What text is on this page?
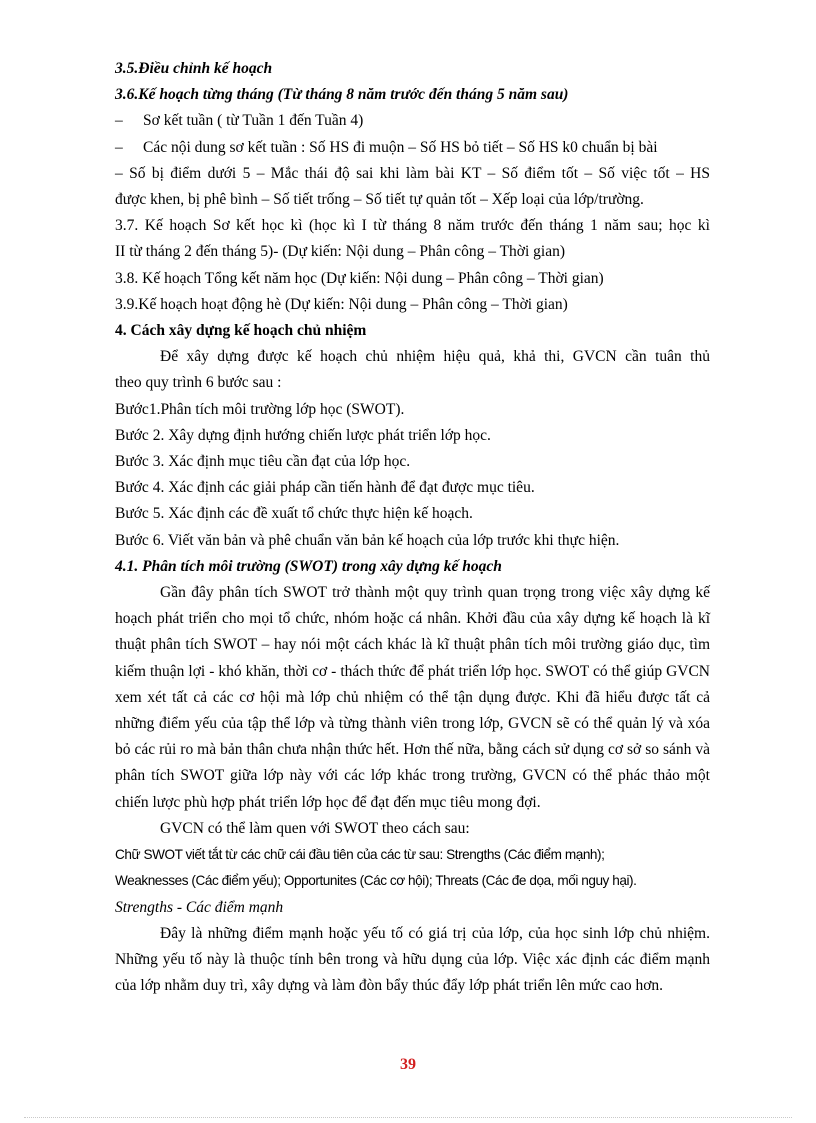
3.5.Điều chỉnh kế hoạch
3.6.Kế hoạch từng tháng (Từ tháng 8 năm trước đến tháng 5 năm sau)
– Sơ kết tuần ( từ Tuần 1 đến Tuần 4)
– Các nội dung sơ kết tuần : Số HS đi muộn – Số HS bỏ tiết – Số HS k0 chuẩn bị bài
– Số bị điểm dưới 5 – Mắc thái độ sai khi làm bài KT – Số điểm tốt – Số việc tốt – HS
được khen, bị phê bình – Số tiết trống – Số tiết tự quản tốt – Xếp loại của lớp/trường.
3.7. Kế hoạch Sơ kết học kì (học kì I từ tháng 8 năm trước đến tháng 1 năm sau; học kì
II từ tháng 2 đến tháng 5)- (Dự kiến: Nội dung – Phân công – Thời gian)
3.8. Kế hoạch Tổng kết năm học (Dự kiến: Nội dung – Phân công – Thời gian)
3.9.Kế hoạch hoạt động hè (Dự kiến: Nội dung – Phân công – Thời gian)
4. Cách xây dựng kế hoạch chủ nhiệm
Để xây dựng được kế hoạch chủ nhiệm hiệu quả, khả thi, GVCN cần tuân thủ
theo quy trình 6 bước sau :
Bước1.Phân tích môi trường lớp học (SWOT).
Bước 2. Xây dựng định hướng chiến lược phát triển lớp học.
Bước 3. Xác định mục tiêu cần đạt của lớp học.
Bước 4. Xác định các giải pháp cần tiến hành để đạt được mục tiêu.
Bước 5. Xác định các đề xuất tổ chức thực hiện kế hoạch.
Bước 6. Viết văn bản và phê chuẩn văn bản kế hoạch của lớp trước khi thực hiện.
4.1. Phân tích môi trường (SWOT) trong xây dựng kế hoạch

Gần đây phân tích SWOT trở thành một quy trình quan trọng trong việc xây dựng kế hoạch phát triển cho mọi tổ chức, nhóm hoặc cá nhân. Khởi đầu của xây dựng kế hoạch là kĩ thuật phân tích SWOT – hay nói một cách khác là kĩ thuật phân tích môi trường giáo dục, tìm kiếm thuận lợi - khó khăn, thời cơ - thách thức để phát triển lớp học. SWOT có thể giúp GVCN xem xét tất cả các cơ hội mà lớp chủ nhiệm có thể tận dụng được. Khi đã hiểu được tất cả những điểm yếu của tập thể lớp và từng thành viên trong lớp, GVCN sẽ có thể quản lý và xóa bỏ các rủi ro mà bản thân chưa nhận thức hết. Hơn thế nữa, bằng cách sử dụng cơ sở so sánh và phân tích SWOT giữa lớp này với các lớp khác trong trường, GVCN có thể phác thảo một chiến lược phù hợp phát triển lớp học để đạt đến mục tiêu mong đợi.

GVCN có thể làm quen với SWOT theo cách sau:

Chữ SWOT viết tắt từ các chữ cái đầu tiên của các từ sau: Strengths (Các điểm mạnh);
Weaknesses (Các điểm yếu); Opportunites (Các cơ hội); Threats (Các đe dọa, mối nguy hại).
Strengths - Các điểm mạnh

Đây là những điểm mạnh hoặc yếu tố có giá trị của lớp, của học sinh lớp chủ nhiệm. Những yếu tố này là thuộc tính bên trong và hữu dụng của lớp. Việc xác định các điểm mạnh của lớp nhằm duy trì, xây dựng và làm đòn bẩy thúc đẩy lớp phát triển lên mức cao hơn.

39
